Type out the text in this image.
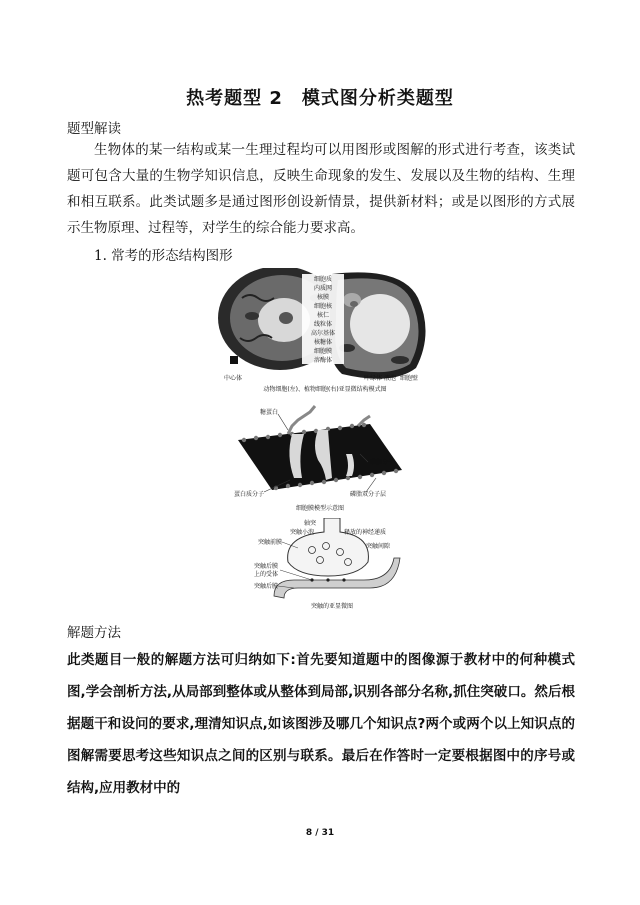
热考题型 2　模式图分析类题型
题型解读
生物体的某一结构或某一生理过程均可以用图形或图解的形式进行考查，该类试题可包含大量的生物学知识信息，反映生命现象的发生、发展以及生物的结构、生理和相互联系。此类试题多是通过图形创设新情景，提供新材料；或是以图形的方式展示生物原理、过程等，对学生的综合能力要求高。
1. 常考的形态结构图形
细胞质
内质网
核膜
细胞核
核仁
线粒体
高尔基体
核糖体
细胞膜
溶酶体
中心体	叶绿体 液泡 细胞壁
动物细胞(左)、植物细胞(右)亚显微结构模式图
糖蛋白
磷脂分子
蛋白质分子	磷脂双分子层
细胞膜模型示意图
轴突
突触小泡	释放的神经递质
突触前膜
突触间隙
突触后膜
上的受体
突触后膜
突触的亚显微图
解题方法
此类题目一般的解题方法可归纳如下:首先要知道题中的图像源于教材中的何种模式图,学会剖析方法,从局部到整体或从整体到局部,识别各部分名称,抓住突破口。然后根据题干和设问的要求,理清知识点,如该图涉及哪几个知识点?两个或两个以上知识点的图解需要思考这些知识点之间的区别与联系。最后在作答时一定要根据图中的序号或结构,应用教材中的
8 / 31
